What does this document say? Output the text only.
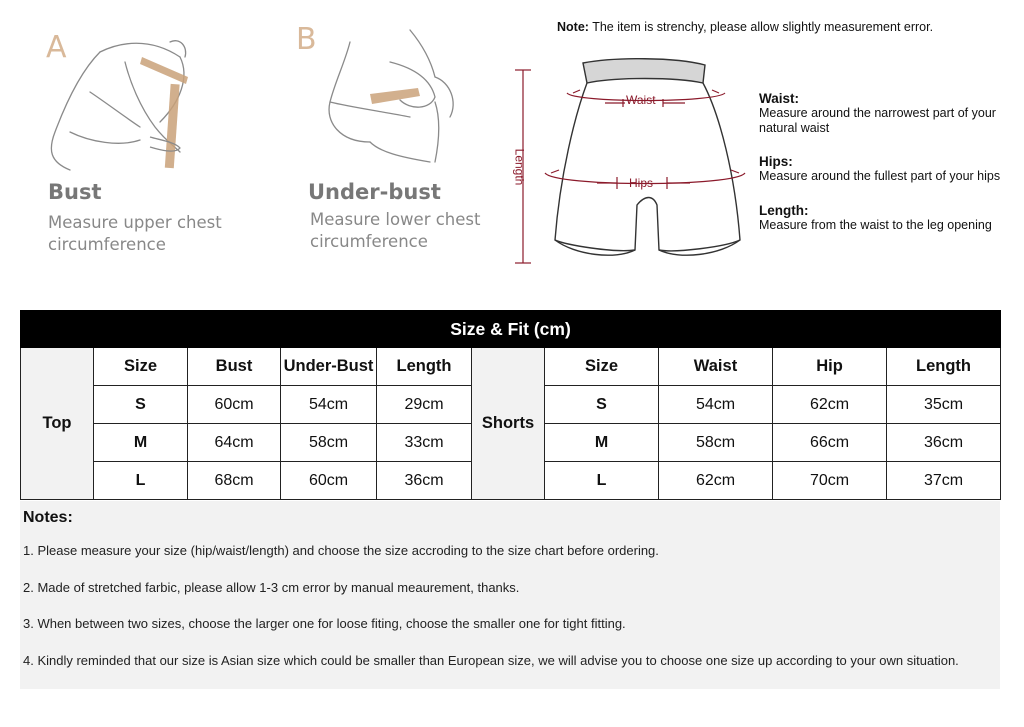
A
Bust
Measure upper chest circumference
B
Under-bust
Measure lower chest circumference
Note: The item is strenchy, please allow slightly measurement error.
Waist
Hips
Length
Waist:
Measure around the narrowest part of your natural waist
Hips:
Measure around the fullest part of your hips
Length:
Measure from the waist to the leg opening
Size & Fit (cm)									
Top	Size	Bust	Under-Bust	Length	Shorts	Size	Waist	Hip	Length
	S	60cm	54cm	29cm		S	54cm	62cm	35cm
	M	64cm	58cm	33cm		M	58cm	66cm	36cm
	L	68cm	60cm	36cm		L	62cm	70cm	37cm
Notes:
1. Please measure your size (hip/waist/length) and choose the size accroding to the size chart before ordering.
2. Made of stretched farbic, please allow 1-3 cm error by manual meaurement, thanks.
3. When between two sizes, choose the larger one for loose fiting, choose the smaller one for tight fitting.
4. Kindly reminded that our size is Asian size which could be smaller than European size, we will advise you to choose one size up according to your own situation.
